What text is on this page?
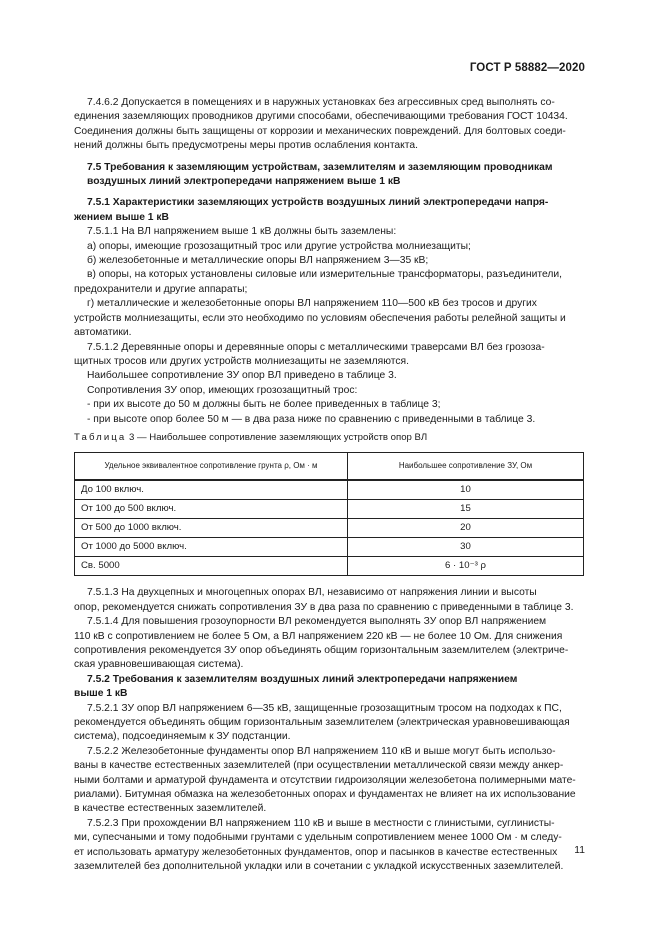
ГОСТ Р 58882—2020

7.4.6.2 Допускается в помещениях и в наружных установках без агрессивных сред выполнять со-

единения заземляющих проводников другими способами, обеспечивающими требования ГОСТ 10434.

Соединения должны быть защищены от коррозии и механических повреждений. Для болтовых соеди-

нений должны быть предусмотрены меры против ослабления контакта.

7.5 Требования к заземляющим устройствам, заземлителям и заземляющим проводникам

воздушных линий электропередачи напряжением выше 1 кВ

7.5.1 Характеристики заземляющих устройств воздушных линий электропередачи напря-

жением выше 1 кВ

7.5.1.1 На ВЛ напряжением выше 1 кВ должны быть заземлены:

а) опоры, имеющие грозозащитный трос или другие устройства молниезащиты;

б) железобетонные и металлические опоры ВЛ напряжением 3—35 кВ;

в) опоры, на которых установлены силовые или измерительные трансформаторы, разъединители,

предохранители и другие аппараты;

г) металлические и железобетонные опоры ВЛ напряжением 110—500 кВ без тросов и других

устройств молниезащиты, если это необходимо по условиям обеспечения работы релейной защиты и

автоматики.

7.5.1.2 Деревянные опоры и деревянные опоры с металлическими траверсами ВЛ без грозоза-

щитных тросов или других устройств молниезащиты не заземляются.

Наибольшее сопротивление ЗУ опор ВЛ приведено в таблице 3.

Сопротивления ЗУ опор, имеющих грозозащитный трос:

- при их высоте до 50 м должны быть не более приведенных в таблице 3;

- при высоте опор более 50 м — в два раза ниже по сравнению с приведенными в таблице 3.

Таблица 3 — Наибольшее сопротивление заземляющих устройств опор ВЛ
Удельное эквивалентное сопротивление грунта ρ, Ом · м	Наибольшее сопротивление ЗУ, Ом
До 100 включ.	10
От 100 до 500 включ.	15
От 500 до 1000 включ.	20
От 1000 до 5000 включ.	30
Св. 5000	6 · 10⁻³ ρ

7.5.1.3 На двухцепных и многоцепных опорах ВЛ, независимо от напряжения линии и высоты

опор, рекомендуется снижать сопротивления ЗУ в два раза по сравнению с приведенными в таблице 3.

7.5.1.4 Для повышения грозоупорности ВЛ рекомендуется выполнять ЗУ опор ВЛ напряжением

110 кВ с сопротивлением не более 5 Ом, а ВЛ напряжением 220 кВ — не более 10 Ом. Для снижения

сопротивления рекомендуется ЗУ опор объединять общим горизонтальным заземлителем (электриче-

ская уравновешивающая система).

7.5.2 Требования к заземлителям воздушных линий электропередачи напряжением

выше 1 кВ

7.5.2.1 ЗУ опор ВЛ напряжением 6—35 кВ, защищенные грозозащитным тросом на подходах к ПС,

рекомендуется объединять общим горизонтальным заземлителем (электрическая уравновешивающая

система), подсоединяемым к ЗУ подстанции.

7.5.2.2 Железобетонные фундаменты опор ВЛ напряжением 110 кВ и выше могут быть использо-

ваны в качестве естественных заземлителей (при осуществлении металлической связи между анкер-

ными болтами и арматурой фундамента и отсутствии гидроизоляции железобетона полимерными мате-

риалами). Битумная обмазка на железобетонных опорах и фундаментах не влияет на их использование

в качестве естественных заземлителей.

7.5.2.3 При прохождении ВЛ напряжением 110 кВ и выше в местности с глинистыми, суглинисты-

ми, супесчаными и тому подобными грунтами с удельным сопротивлением менее 1000 Ом · м следу-

ет использовать арматуру железобетонных фундаментов, опор и пасынков в качестве естественных

заземлителей без дополнительной укладки или в сочетании с укладкой искусственных заземлителей.

11
